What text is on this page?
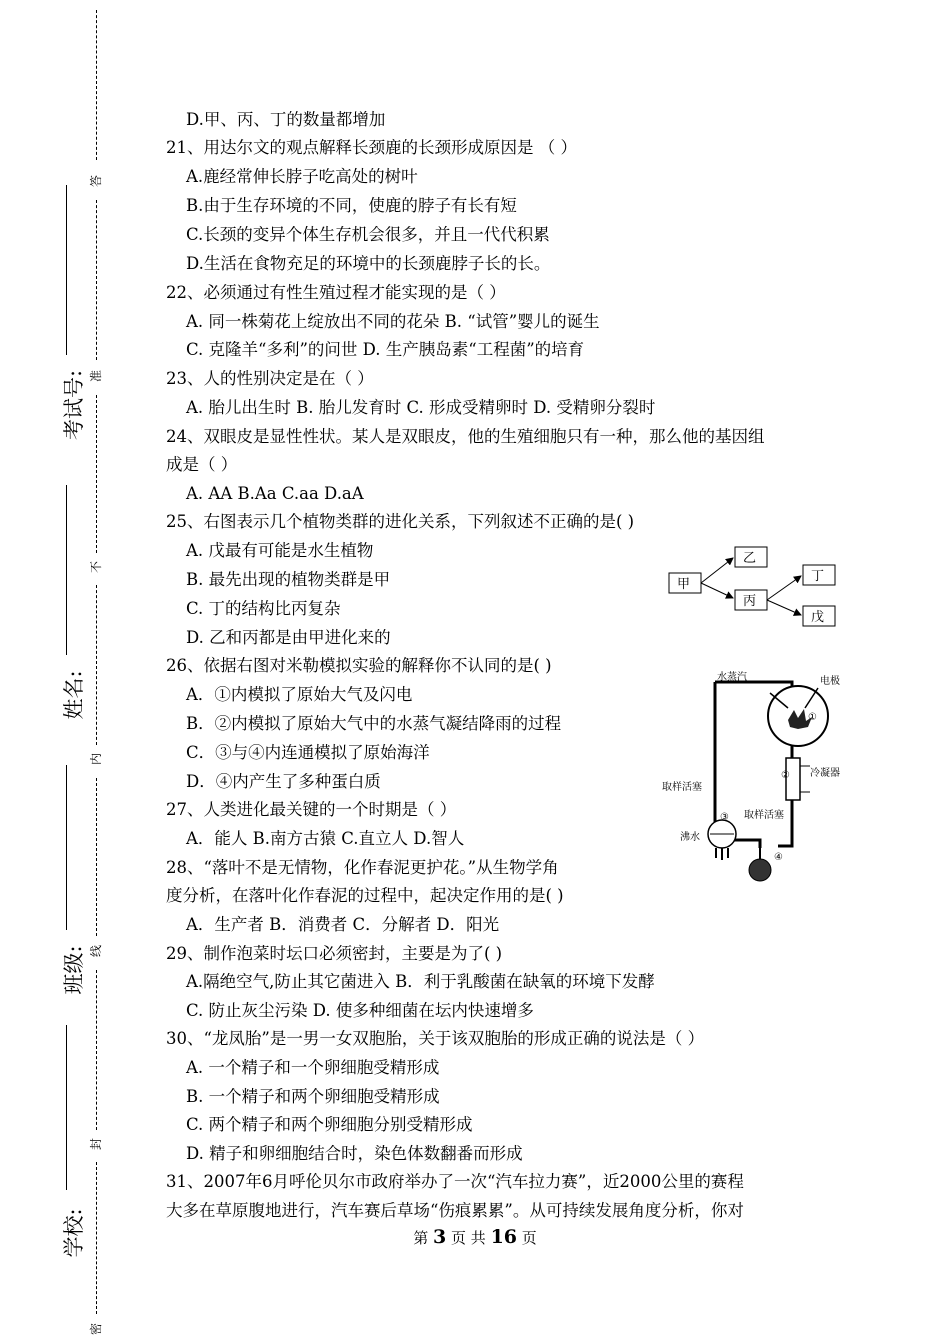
答
准
不
内
线
封
密
考试号:
姓名:
班级:
学校:
D.甲、丙、丁的数量都增加
21、用达尔文的观点解释长颈鹿的长颈形成原因是 （ ）
A.鹿经常伸长脖子吃高处的树叶
B.由于生存环境的不同，使鹿的脖子有长有短
C.长颈的变异个体生存机会很多，并且一代代积累
D.生活在食物充足的环境中的长颈鹿脖子长的长。
22、必须通过有性生殖过程才能实现的是（ ）
A. 同一株菊花上绽放出不同的花朵 B. “试管”婴儿的诞生
C. 克隆羊“多利”的问世 D. 生产胰岛素“工程菌”的培育
23、人的性别决定是在（ ）
A. 胎儿出生时 B. 胎儿发育时 C. 形成受精卵时 D. 受精卵分裂时
24、双眼皮是显性性状。某人是双眼皮，他的生殖细胞只有一种，那么他的基因组
成是（ ）
A. AA B.Aa C.aa D.aA
25、右图表示几个植物类群的进化关系，下列叙述不正确的是( )
A. 戊最有可能是水生植物
B. 最先出现的植物类群是甲
C. 丁的结构比丙复杂
D. 乙和丙都是由甲进化来的
26、依据右图对米勒模拟实验的解释你不认同的是( )
A．①内模拟了原始大气及闪电
B．②内模拟了原始大气中的水蒸气凝结降雨的过程
C．③与④内连通模拟了原始海洋
D．④内产生了多种蛋白质
27、人类进化最关键的一个时期是（ ）
A．能人 B.南方古猿 C.直立人 D.智人
28、“落叶不是无情物，化作春泥更护花。”从生物学角
度分析，在落叶化作春泥的过程中，起决定作用的是( )
A．生产者 B．消费者 C．分解者 D．阳光
29、制作泡菜时坛口必须密封，主要是为了( )
A.隔绝空气,防止其它菌进入 B．利于乳酸菌在缺氧的环境下发酵
C. 防止灰尘污染 D. 使多种细菌在坛内快速增多
30、“龙凤胎”是一男一女双胞胎，关于该双胞胎的形成正确的说法是（ ）
A. 一个精子和一个卵细胞受精形成
B. 一个精子和两个卵细胞受精形成
C. 两个精子和两个卵细胞分别受精形成
D. 精子和卵细胞结合时，染色体数翻番而形成
31、2007年6月呼伦贝尔市政府举办了一次“汽车拉力赛”，近2000公里的赛程
大多在草原腹地进行，汽车赛后草场“伤痕累累”。从可持续发展角度分析，你对
甲
乙
丙
丁
戊
水蒸汽	电极
①
② 冷凝器
取样活塞
取样活塞
③
沸水
④
第 3 页 共 16 页
